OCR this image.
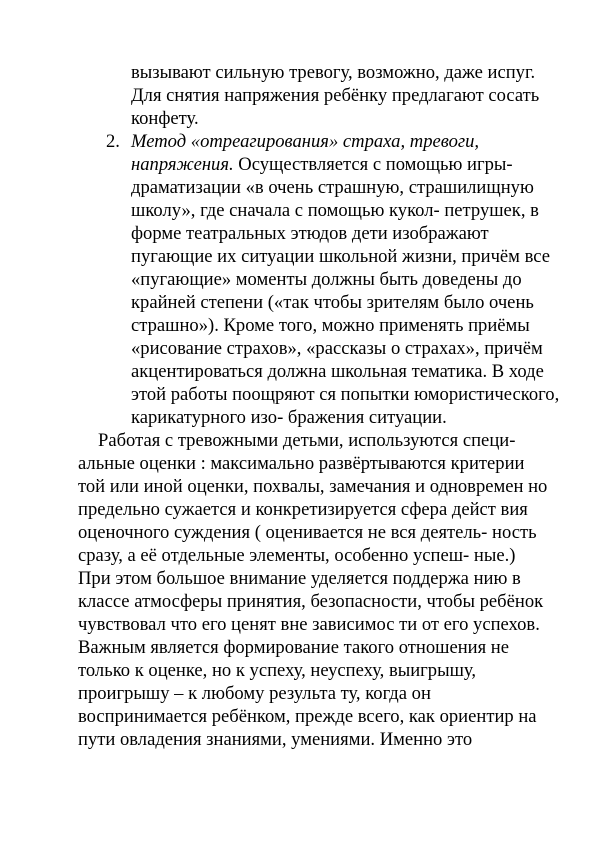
вызывают сильную тревогу, возможно, даже испуг.
Для снятия напряжения ребёнку предлагают сосать
конфету.
2. Метод «отреагирования» страха, тревоги,
напряжения. Осуществляется с помощью игры-
драматизации «в очень страшную, страшилищную
школу», где сначала с помощью кукол- петрушек, в
форме театральных этюдов дети изображают
пугающие их ситуации школьной жизни, причём все
«пугающие» моменты должны быть доведены до
крайней степени («так чтобы зрителям было очень
страшно»). Кроме того, можно применять приёмы
«рисование страхов», «рассказы о страхах», причём
акцентироваться должна школьная тематика. В ходе
этой работы поощряют ся попытки юмористического,
карикатурного изо- бражения ситуации.
Работая с тревожными детьми, используются специ-
альные оценки : максимально развёртываются критерии
той или иной оценки, похвалы, замечания и одновремен но
предельно сужается и конкретизируется сфера дейст вия
оценочного суждения ( оценивается не вся деятель- ность
сразу, а её отдельные элементы, особенно успеш- ные.)
При этом большое внимание уделяется поддержа нию в
классе атмосферы принятия, безопасности, чтобы ребёнок
чувствовал что его ценят вне зависимос ти от его успехов.
Важным является формирование такого отношения не
только к оценке, но к успеху, неуспеху, выигрышу,
проигрышу – к любому результа ту, когда он
воспринимается ребёнком, прежде всего, как ориентир на
пути овладения знаниями, умениями. Именно это
